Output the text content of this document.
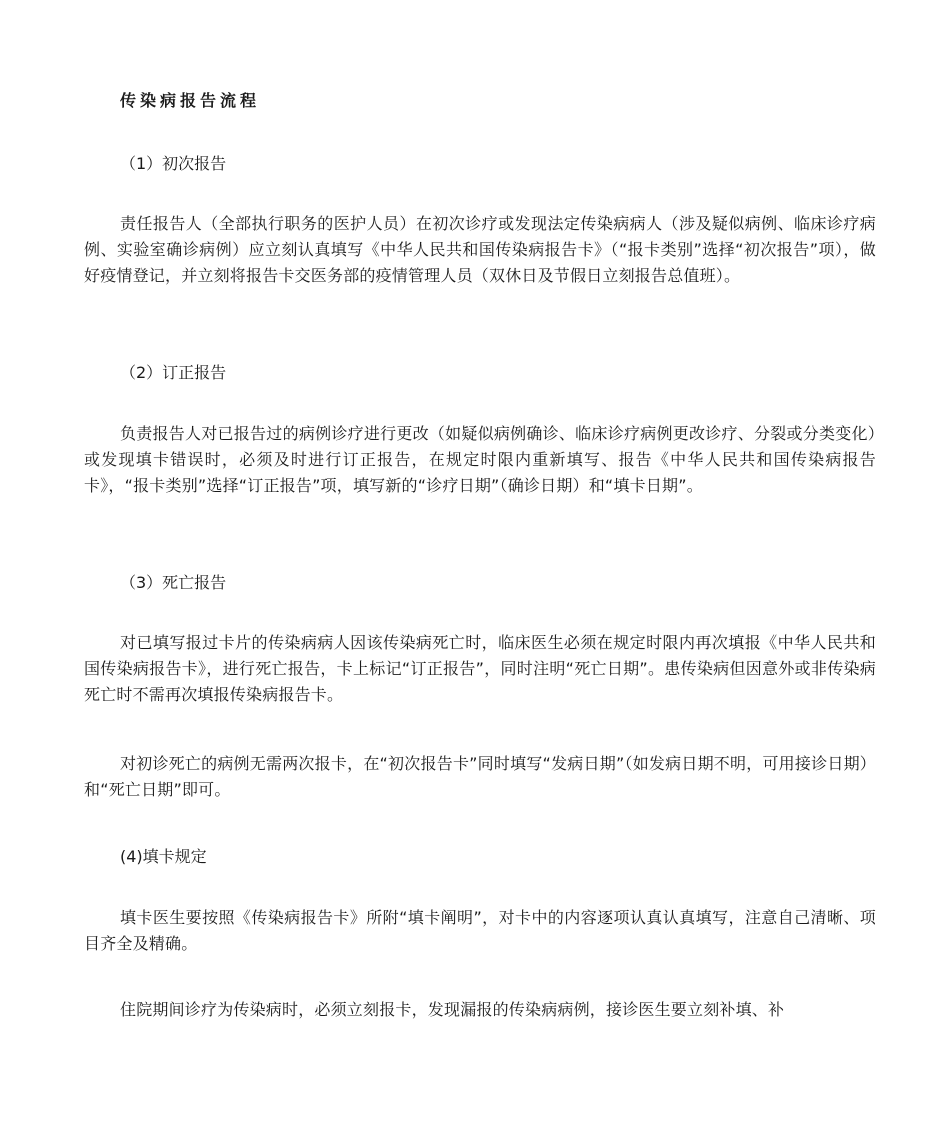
传染病报告流程
（1）初次报告
责任报告人（全部执行职务的医护人员）在初次诊疗或发现法定传染病病人（涉及疑似病例、临床诊疗病例、实验室确诊病例）应立刻认真填写《中华人民共和国传染病报告卡》（“报卡类别”选择“初次报告”项），做好疫情登记，并立刻将报告卡交医务部的疫情管理人员（双休日及节假日立刻报告总值班）。
（2）订正报告
负责报告人对已报告过的病例诊疗进行更改（如疑似病例确诊、临床诊疗病例更改诊疗、分裂或分类变化）或发现填卡错误时，必须及时进行订正报告，在规定时限内重新填写、报告《中华人民共和国传染病报告卡》，“报卡类别”选择“订正报告”项，填写新的“诊疗日期”（确诊日期）和“填卡日期”。
（3）死亡报告
对已填写报过卡片的传染病病人因该传染病死亡时，临床医生必须在规定时限内再次填报《中华人民共和国传染病报告卡》，进行死亡报告，卡上标记“订正报告”，同时注明“死亡日期”。患传染病但因意外或非传染病死亡时不需再次填报传染病报告卡。
对初诊死亡的病例无需两次报卡，在“初次报告卡”同时填写“发病日期”（如发病日期不明，可用接诊日期）和“死亡日期”即可。
(4)填卡规定
填卡医生要按照《传染病报告卡》所附“填卡阐明”，对卡中的内容逐项认真认真填写，注意自己清晰、项目齐全及精确。
住院期间诊疗为传染病时，必须立刻报卡，发现漏报的传染病病例，接诊医生要立刻补填、补
